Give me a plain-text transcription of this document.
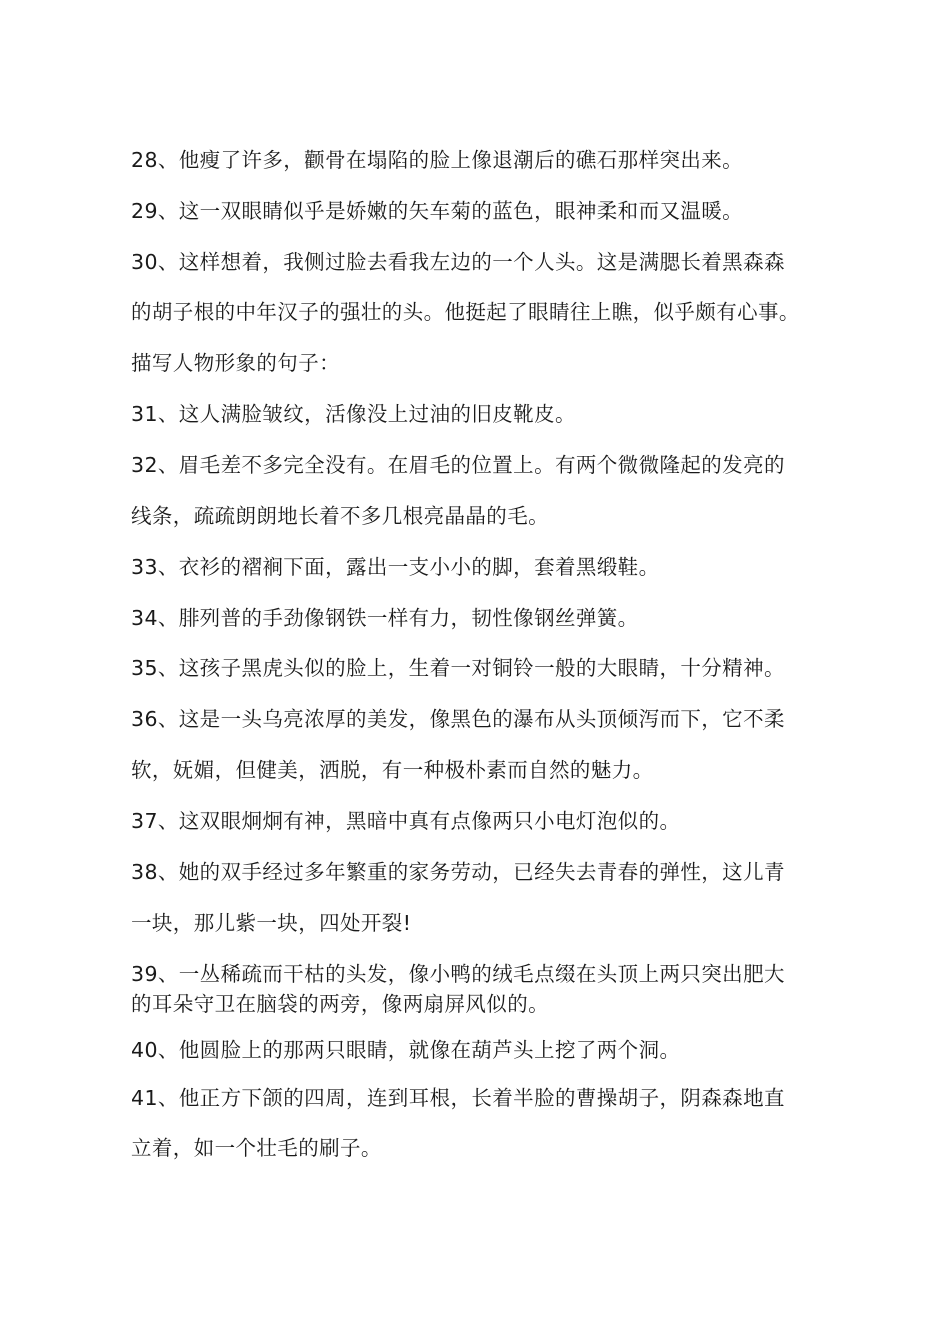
28、他瘦了许多，颧骨在塌陷的脸上像退潮后的礁石那样突出来。
29、这一双眼睛似乎是娇嫩的矢车菊的蓝色，眼神柔和而又温暖。
30、这样想着，我侧过脸去看我左边的一个人头。这是满腮长着黑森森
的胡子根的中年汉子的强壮的头。他挺起了眼睛往上瞧，似乎颇有心事。
描写人物形象的句子：
31、这人满脸皱纹，活像没上过油的旧皮靴皮。
32、眉毛差不多完全没有。在眉毛的位置上。有两个微微隆起的发亮的
线条，疏疏朗朗地长着不多几根亮晶晶的毛。
33、衣衫的褶裥下面，露出一支小小的脚，套着黑缎鞋。
34、腓列普的手劲像钢铁一样有力，韧性像钢丝弹簧。
35、这孩子黑虎头似的脸上，生着一对铜铃一般的大眼睛，十分精神。
36、这是一头乌亮浓厚的美发，像黑色的瀑布从头顶倾泻而下，它不柔
软，妩媚，但健美，洒脱，有一种极朴素而自然的魅力。
37、这双眼炯炯有神，黑暗中真有点像两只小电灯泡似的。
38、她的双手经过多年繁重的家务劳动，已经失去青春的弹性，这儿青
一块，那儿紫一块，四处开裂!
39、一丛稀疏而干枯的头发，像小鸭的绒毛点缀在头顶上两只突出肥大
的耳朵守卫在脑袋的两旁，像两扇屏风似的。
40、他圆脸上的那两只眼睛，就像在葫芦头上挖了两个洞。
41、他正方下颌的四周，连到耳根，长着半脸的曹操胡子，阴森森地直
立着，如一个壮毛的刷子。
